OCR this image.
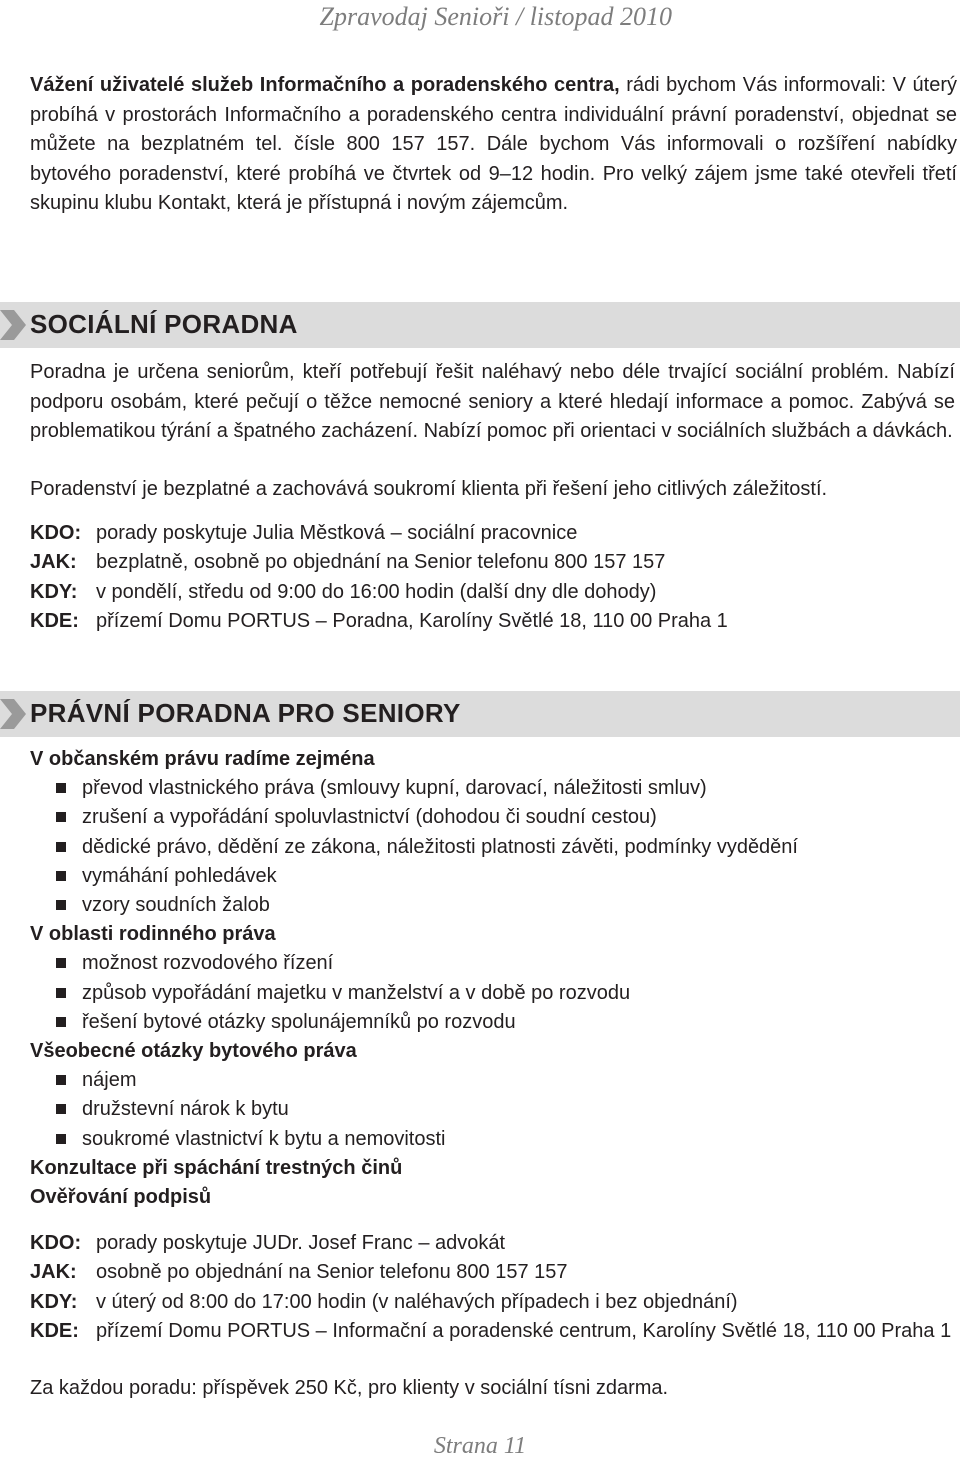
Zpravodaj Senioři / listopad 2010

Vážení uživatelé služeb Informačního a poradenského centra, rádi bychom Vás informovali: V úterý probíhá v prostorách Informačního a poradenského centra individuální právní poradenství, objednat se můžete na bezplatném tel. čísle 800 157 157. Dále bychom Vás informovali o rozšíření nabídky bytového poradenství, které probíhá ve čtvrtek od 9–12 hodin. Pro velký zájem jsme také otevřeli třetí skupinu klubu Kontakt, která je přístupná i novým zájemcům.

SOCIÁLNÍ PORADNA

Poradna je určena seniorům, kteří potřebují řešit naléhavý nebo déle trvající sociální problém. Nabízí podporu osobám, které pečují o těžce nemocné seniory a které hledají informace a pomoc. Zabývá se problematikou týrání a špatného zacházení. Nabízí pomoc při orientaci v sociálních službách a dávkách.

Poradenství je bezplatné a zachovává soukromí klienta při řešení jeho citlivých záležitostí.

KDO: porady poskytuje Julia Městková – sociální pracovnice
JAK: bezplatně, osobně po objednání na Senior telefonu 800 157 157
KDY: v pondělí, středu od 9:00 do 16:00 hodin (další dny dle dohody)
KDE: přízemí Domu PORTUS – Poradna, Karolíny Světlé 18, 110 00 Praha 1
PRÁVNÍ PORADNA PRO SENIORY
V občanském právu radíme zejména
převod vlastnického práva (smlouvy kupní, darovací, náležitosti smluv)
zrušení a vypořádání spoluvlastnictví (dohodou či soudní cestou)
dědické právo, dědění ze zákona, náležitosti platnosti závěti, podmínky vydědění
vymáhání pohledávek
vzory soudních žalob
V oblasti rodinného práva
možnost rozvodového řízení
způsob vypořádání majetku v manželství a v době po rozvodu
řešení bytové otázky spolunájemníků po rozvodu
Všeobecné otázky bytového práva
nájem
družstevní nárok k bytu
soukromé vlastnictví k bytu a nemovitosti
Konzultace při spáchání trestných činů
Ověřování podpisů
KDO: porady poskytuje JUDr. Josef Franc – advokát
JAK: osobně po objednání na Senior telefonu 800 157 157
KDY: v úterý od 8:00 do 17:00 hodin (v naléhavých případech i bez objednání)
KDE: přízemí Domu PORTUS – Informační a poradenské centrum, Karolíny Světlé 18, 110 00 Praha 1
Za každou poradu: příspěvek 250 Kč, pro klienty v sociální tísni zdarma.
Strana 11
